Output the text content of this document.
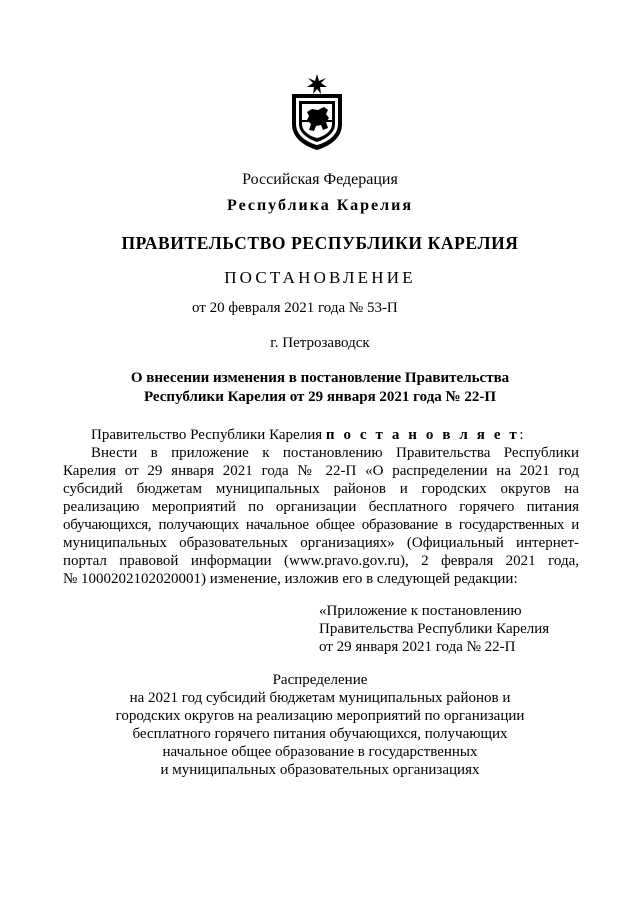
Российская Федерация
Республика Карелия
ПРАВИТЕЛЬСТВО РЕСПУБЛИКИ КАРЕЛИЯ
ПОСТАНОВЛЕНИЕ
от 20 февраля 2021 года № 53-П
г. Петрозаводск
О внесении изменения в постановление Правительства
Республики Карелия от 29 января 2021 года № 22-П
Правительство Республики Карелия п о с т а н о в л я е т:
Внести в приложение к постановлению Правительства Республики
Карелия от 29 января 2021 года № 22-П «О распределении на 2021 год
субсидий бюджетам муниципальных районов и городских округов на
реализацию мероприятий по организации бесплатного горячего питания
обучающихся, получающих начальное общее образование в государственных и
муниципальных образовательных организациях» (Официальный интернет-
портал правовой информации (www.pravo.gov.ru), 2 февраля 2021 года,
№ 1000202102020001) изменение, изложив его в следующей редакции:
«Приложение к постановлению
Правительства Республики Карелия
от 29 января 2021 года № 22-П
Распределение
на 2021 год субсидий бюджетам муниципальных районов и
городских округов на реализацию мероприятий по организации
бесплатного горячего питания обучающихся, получающих
начальное общее образование в государственных
и муниципальных образовательных организациях
